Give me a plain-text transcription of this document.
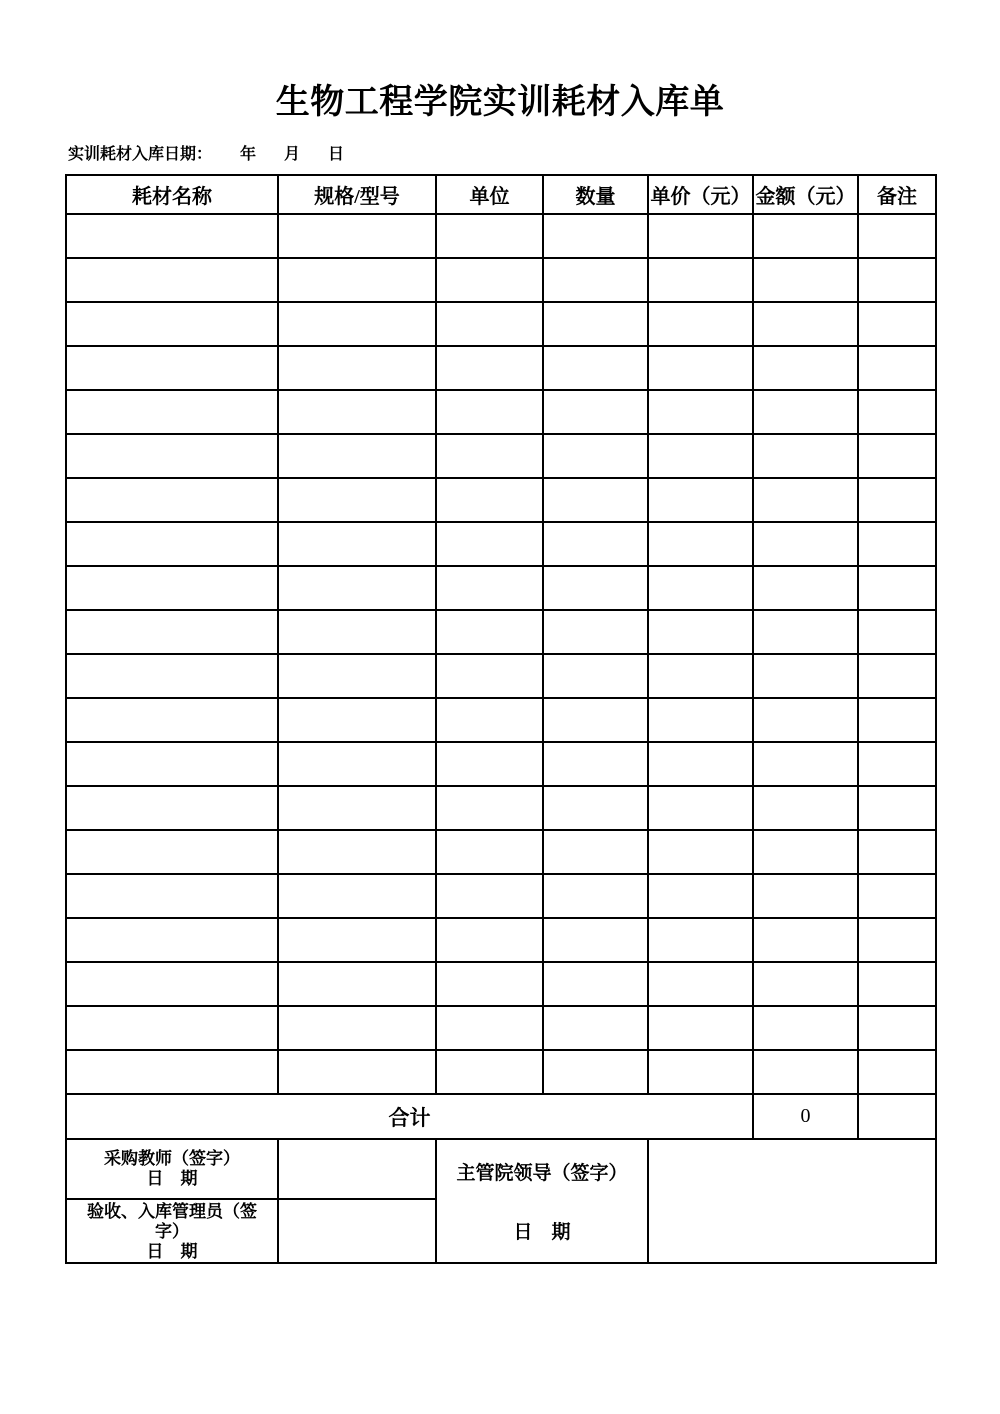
生物工程学院实训耗材入库单
实训耗材入库日期： 年 月 日
耗材名称	规格/型号	单位	数量	单价（元）	金额（元）	备注

合计					0	

采购教师（签字）
日　期		主管院领导（签字）
日　期

验收、入库管理员（签字）
日　期						
